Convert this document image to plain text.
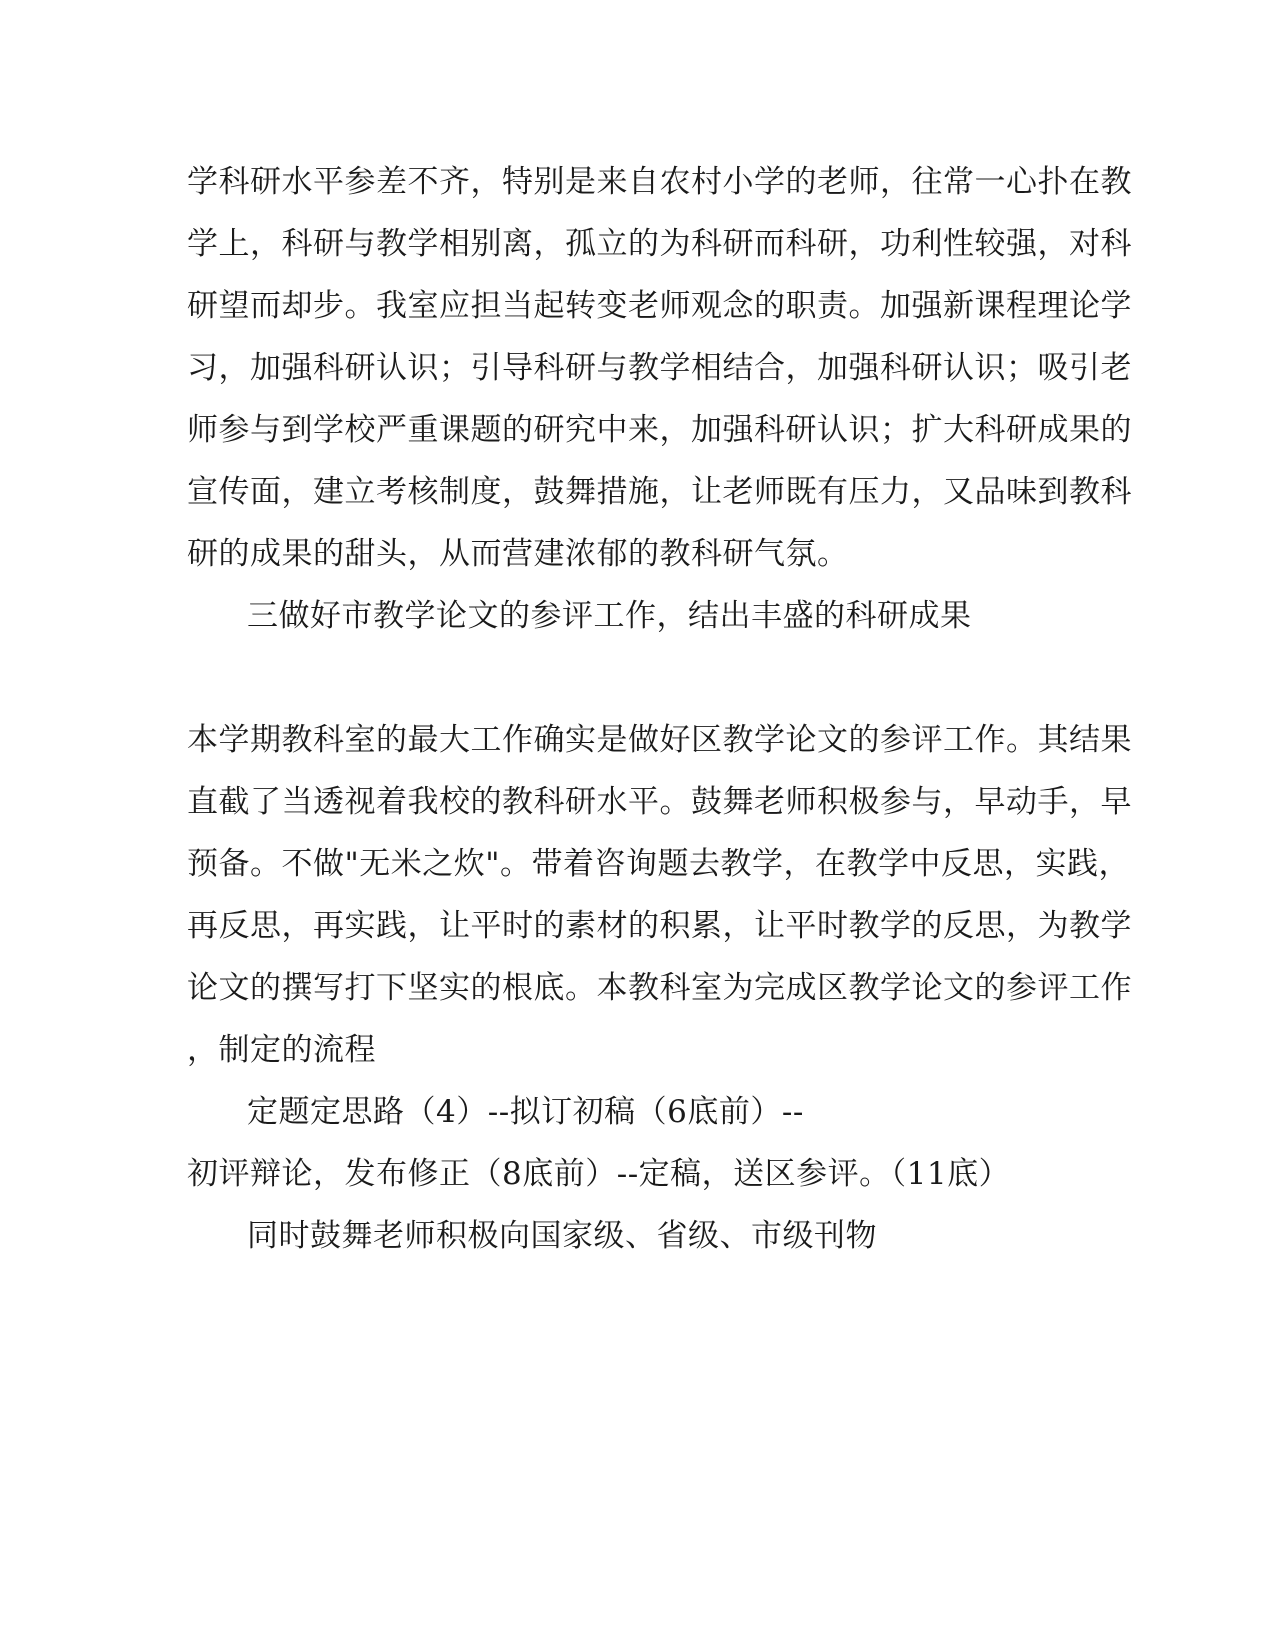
学科研水平参差不齐，特别是来自农村小学的老师，往常一心扑在教

学上，科研与教学相别离，孤立的为科研而科研，功利性较强，对科

研望而却步。我室应担当起转变老师观念的职责。加强新课程理论学

习，加强科研认识；引导科研与教学相结合，加强科研认识；吸引老

师参与到学校严重课题的研究中来，加强科研认识；扩大科研成果的

宣传面，建立考核制度，鼓舞措施，让老师既有压力，又品味到教科

研的成果的甜头，从而营建浓郁的教科研气氛。

三做好市教学论文的参评工作，结出丰盛的科研成果

本学期教科室的最大工作确实是做好区教学论文的参评工作。其结果

直截了当透视着我校的教科研水平。鼓舞老师积极参与，早动手，早

预备。不做"无米之炊"。带着咨询题去教学，在教学中反思，实践，

再反思，再实践，让平时的素材的积累，让平时教学的反思，为教学

论文的撰写打下坚实的根底。本教科室为完成区教学论文的参评工作

，制定的流程

定题定思路（4）--拟订初稿（6底前）--

初评辩论，发布修正（8底前）--定稿，送区参评。（11底）

同时鼓舞老师积极向国家级、省级、市级刊物
